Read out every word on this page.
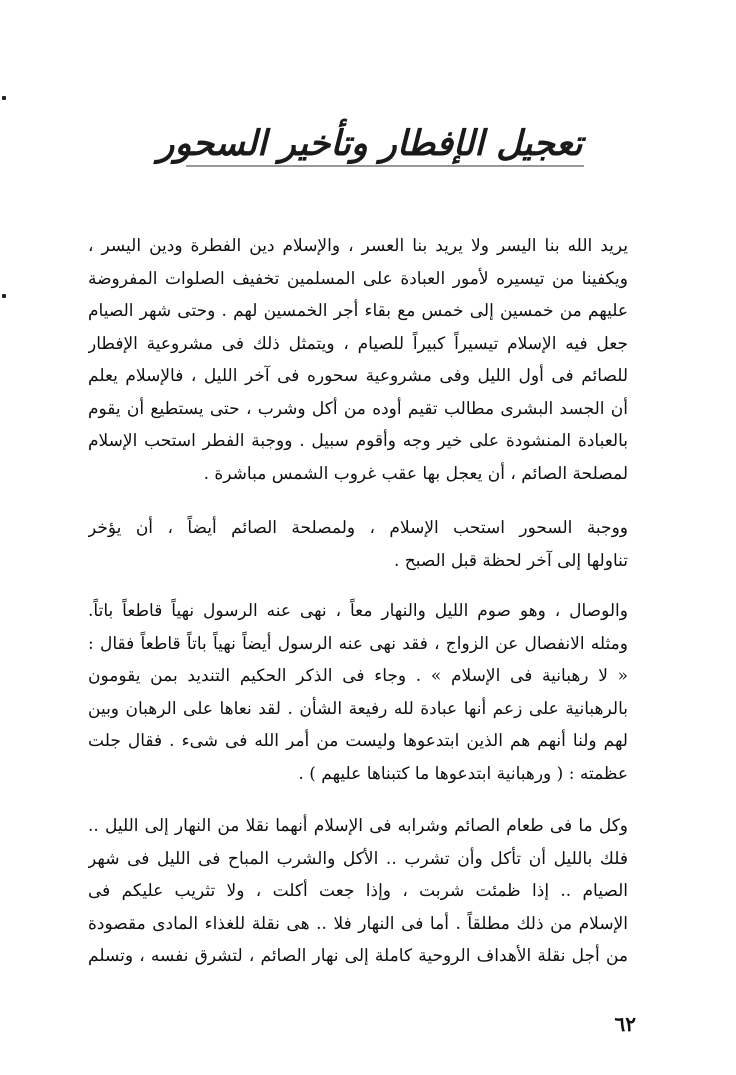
تعجيل الإفطار وتأخير السحور
يريد الله بنا اليسر ولا يريد بنا العسر ، والإسلام دين الفطرة ودين اليسر ،
ويكفينا من تيسيره لأمور العبادة على المسلمين تخفيف الصلوات المفروضة
عليهم من خمسين إلى خمس مع بقاء أجر الخمسين لهم . وحتى شهر الصيام
جعل فيه الإسلام تيسيراً كبيراً للصيام ، ويتمثل ذلك فى مشروعية الإفطار
للصائم فى أول الليل وفى مشروعية سحوره فى آخر الليل ، فالإسلام يعلم
أن الجسد البشرى مطالب تقيم أوده من أكل وشرب ، حتى يستطيع أن يقوم
بالعبادة المنشودة على خير وجه وأقوم سبيل . ووجبة الفطر استحب الإسلام
لمصلحة الصائم ، أن يعجل بها عقب غروب الشمس مباشرة .
ووجبة السحور استحب الإسلام ، ولمصلحة الصائم أيضاً ، أن يؤخر
تناولها إلى آخر لحظة قبل الصبح .
والوصال ، وهو صوم الليل والنهار معاً ، نهى عنه الرسول نهياً قاطعاً باتاً.
ومثله الانفصال عن الزواج ، فقد نهى عنه الرسول أيضاً نهياً باتاً قاطعاً فقال :
« لا رهبانية فى الإسلام » . وجاء فى الذكر الحكيم التنديد بمن يقومون
بالرهبانية على زعم أنها عبادة لله رفيعة الشأن . لقد نعاها على الرهبان وبين
لهم ولنا أنهم هم الذين ابتدعوها وليست من أمر الله فى شىء . فقال جلت
عظمته : ( ورهبانية ابتدعوها ما كتبناها عليهم ) .
وكل ما فى طعام الصائم وشرابه فى الإسلام أنهما نقلا من النهار إلى الليل ..
فلك بالليل أن تأكل وأن تشرب .. الأكل والشرب المباح فى الليل فى شهر
الصيام .. إذا ظمئت شربت ، وإذا جعت أكلت ، ولا تثريب عليكم فى
الإسلام من ذلك مطلقاً . أما فى النهار فلا .. هى نقلة للغذاء المادى مقصودة
من أجل نقلة الأهداف الروحية كاملة إلى نهار الصائم ، لتشرق نفسه ، وتسلم
٦٢
